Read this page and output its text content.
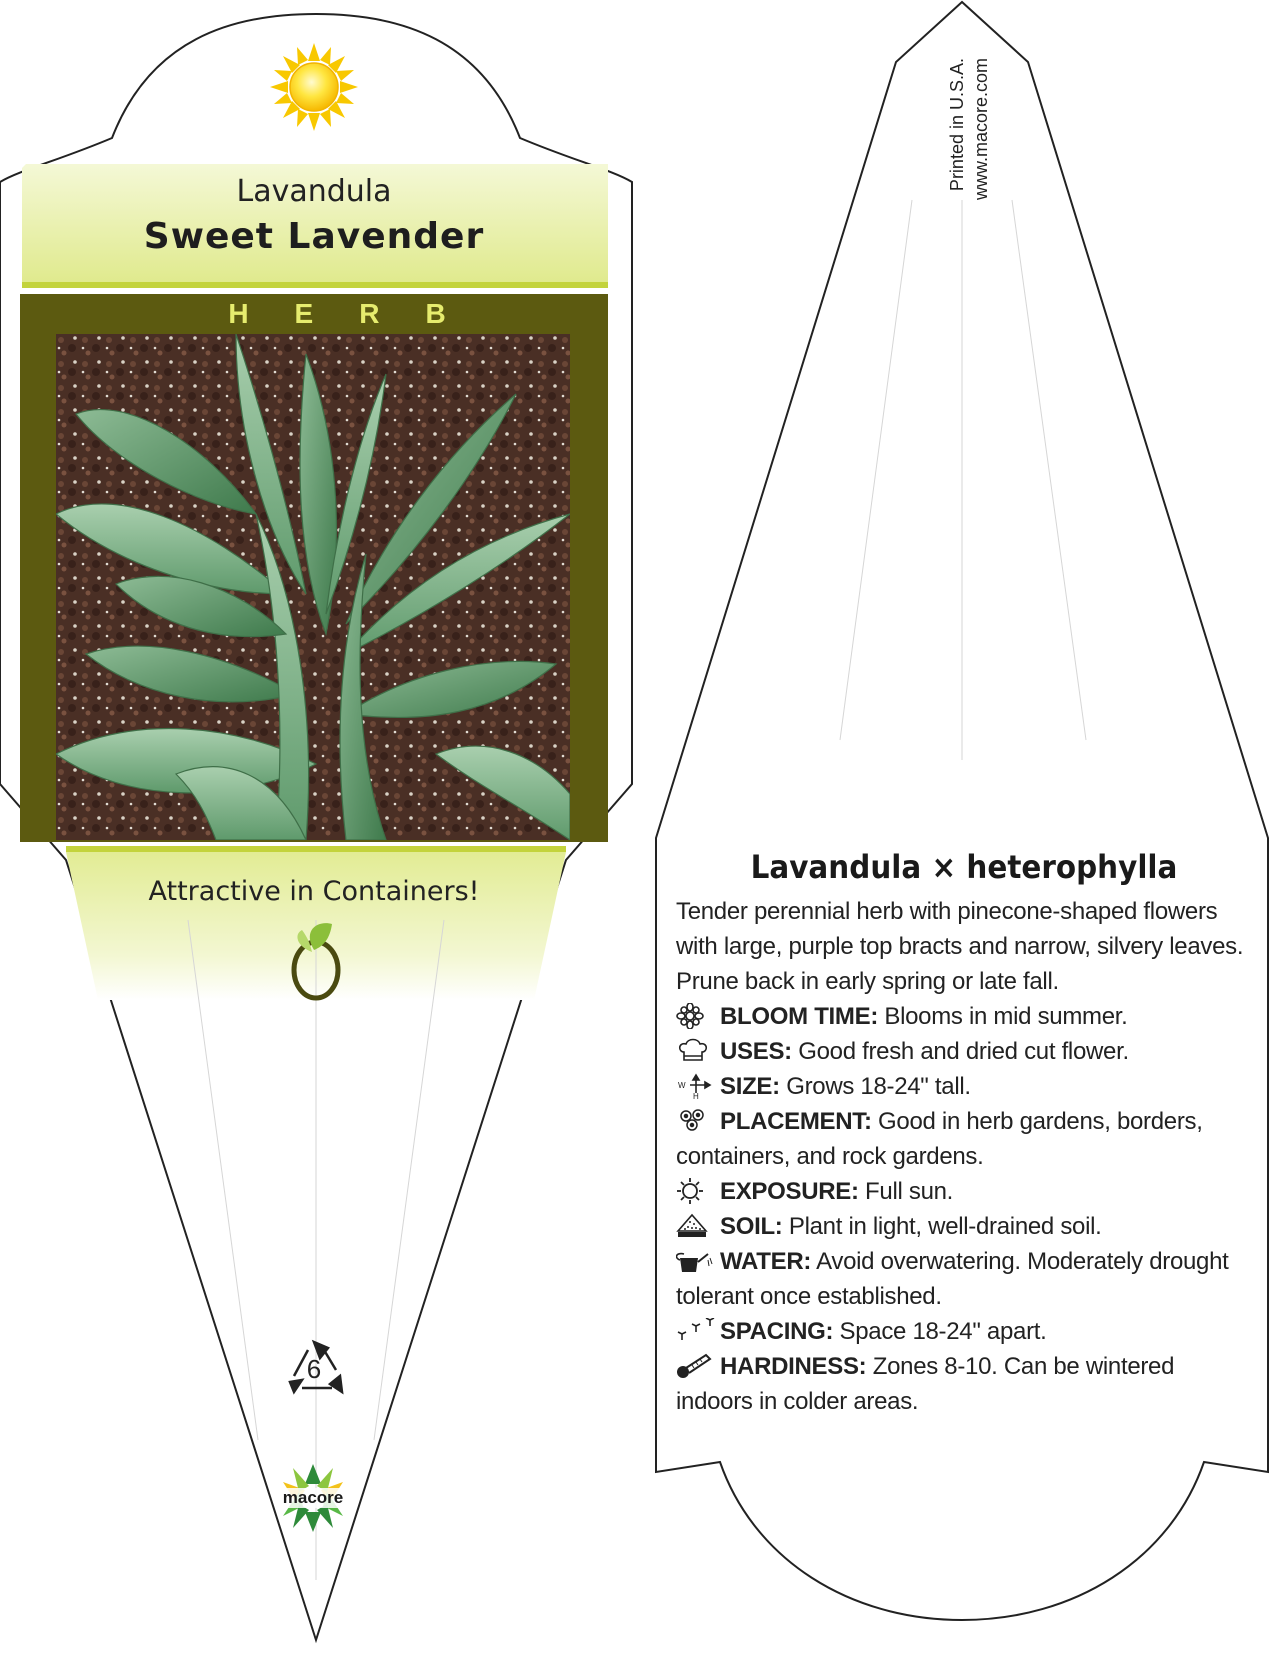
Lavandula
Sweet Lavender
HERB
Attractive in Containers!
6
macore
Printed in U.S.A. www.macore.com

Lavandula × heterophylla

Tender perennial herb with pinecone-shaped flowers with large, purple top bracts and narrow, silvery leaves. Prune back in early spring or late fall.

BLOOM TIME: Blooms in mid summer.

USES: Good fresh and dried cut flower.

W
H SIZE: Grows 18-24" tall.

PLACEMENT: Good in herb gardens, borders, containers, and rock gardens.

EXPOSURE: Full sun.

SOIL: Plant in light, well-drained soil.

WATER: Avoid overwatering. Moderately drought tolerant once established.

SPACING: Space 18-24" apart.

HARDINESS: Zones 8-10. Can be wintered indoors in colder areas.
